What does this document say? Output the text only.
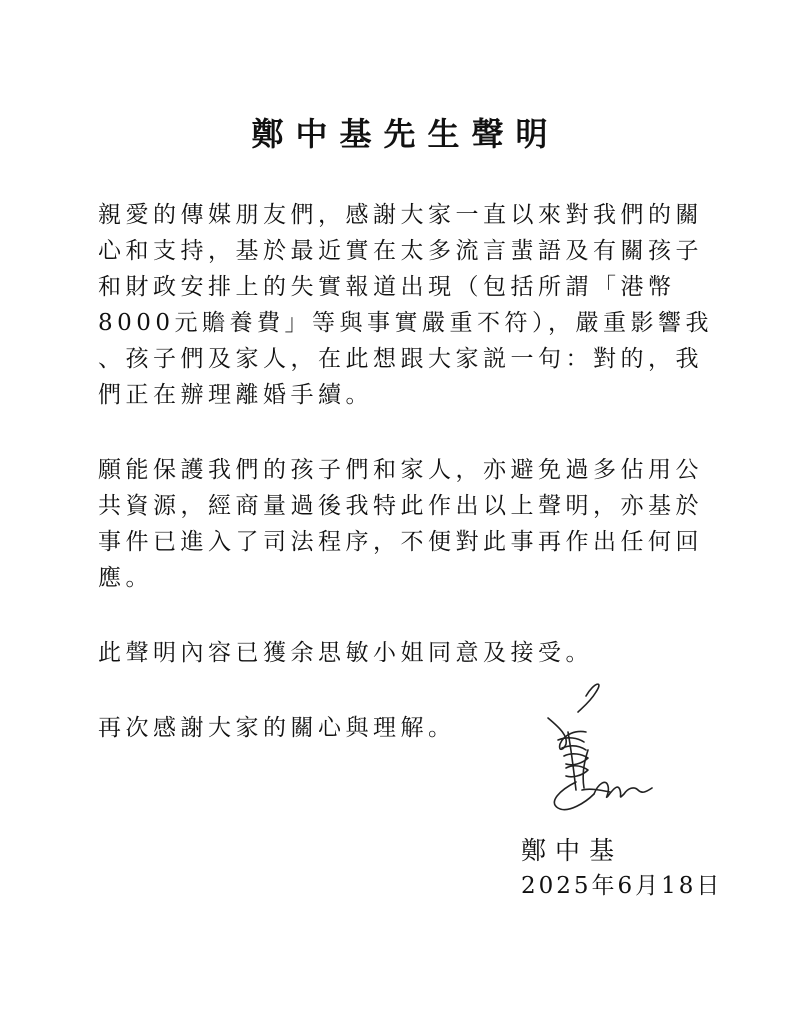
鄭中基先生聲明
親愛的傳媒朋友們，感謝大家一直以來對我們的關
心和支持，基於最近實在太多流言蜚語及有關孩子
和財政安排上的失實報道出現（包括所謂「港幣
8000元贍養費」等與事實嚴重不符），嚴重影響我
、孩子們及家人，在此想跟大家説一句：對的，我
們正在辦理離婚手續。
願能保護我們的孩子們和家人，亦避免過多佔用公
共資源，經商量過後我特此作出以上聲明，亦基於
事件已進入了司法程序，不便對此事再作出任何回
應。
此聲明內容已獲余思敏小姐同意及接受。
再次感謝大家的關心與理解。
鄭中基
2025年6月18日
